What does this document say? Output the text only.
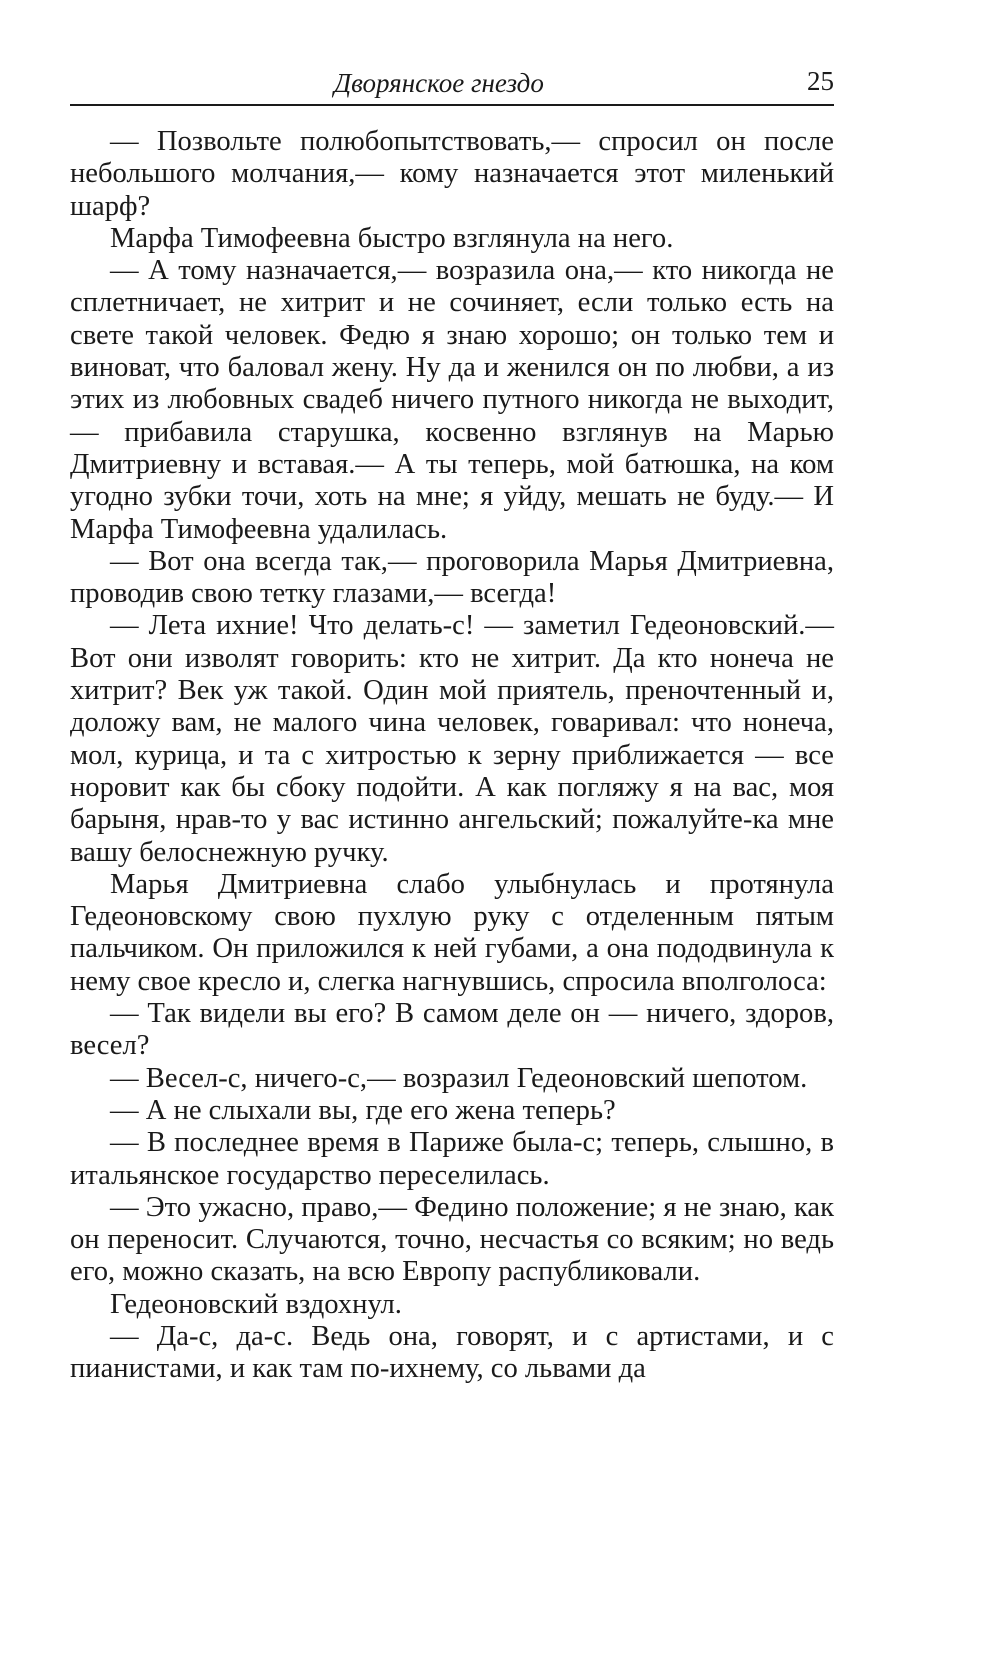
Дворянское гнездо	25

— Позвольте полюбопытствовать,— спросил он после небольшого молчания,— кому назначается этот миленький шарф?

Марфа Тимофеевна быстро взглянула на него.

— А тому назначается,— возразила она,— кто никогда не сплетничает, не хитрит и не сочиняет, если только есть на свете такой человек. Федю я знаю хорошо; он только тем и виноват, что баловал жену. Ну да и женился он по любви, а из этих из любовных свадеб ничего путного никогда не выходит,— прибавила старушка, косвенно взглянув на Марью Дмитриевну и вставая.— А ты теперь, мой батюшка, на ком угодно зубки точи, хоть на мне; я уйду, мешать не буду.— И Марфа Тимофеевна удалилась.

— Вот она всегда так,— проговорила Марья Дмитриевна, проводив свою тетку глазами,— всегда!

— Лета ихние! Что делать-с! — заметил Гедеоновский.— Вот они изволят говорить: кто не хитрит. Да кто нонеча не хитрит? Век уж такой. Один мой приятель, преночтенный и, доложу вам, не малого чина человек, говаривал: что нонеча, мол, курица, и та с хитростью к зерну приближается — все норовит как бы сбоку подойти. А как погляжу я на вас, моя барыня, нрав-то у вас истинно ангельский; пожалуйте-ка мне вашу белоснежную ручку.

Марья Дмитриевна слабо улыбнулась и протянула Гедеоновскому свою пухлую руку с отделенным пятым пальчиком. Он приложился к ней губами, а она пододвинула к нему свое кресло и, слегка нагнувшись, спросила вполголоса:

— Так видели вы его? В самом деле он — ничего, здоров, весел?

— Весел-с, ничего-с,— возразил Гедеоновский шепотом.

— А не слыхали вы, где его жена теперь?

— В последнее время в Париже была-с; теперь, слышно, в итальянское государство переселилась.

— Это ужасно, право,— Федино положение; я не знаю, как он переносит. Случаются, точно, несчастья со всяким; но ведь его, можно сказать, на всю Европу распубликовали.

Гедеоновский вздохнул.

— Да-с, да-с. Ведь она, говорят, и с артистами, и с пианистами, и как там по-ихнему, со львами да
